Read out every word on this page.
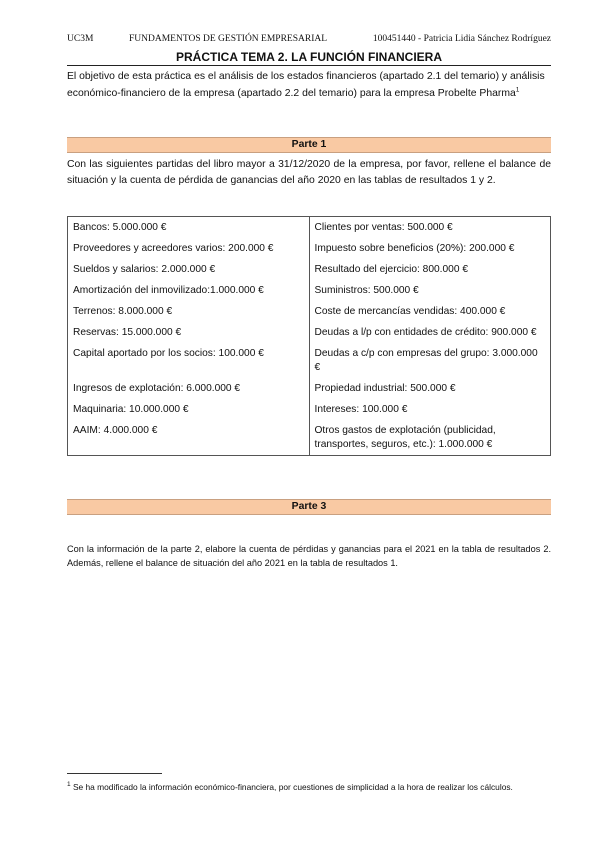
UC3M	FUNDAMENTOS DE GESTIÓN EMPRESARIAL	100451440 - Patricia Lidia Sánchez Rodríguez
PRÁCTICA TEMA 2. LA FUNCIÓN FINANCIERA
El objetivo de esta práctica es el análisis de los estados financieros (apartado 2.1 del temario) y análisis económico-financiero de la empresa (apartado 2.2 del temario) para la empresa Probelte Pharma$^1$
Parte 1
Con las siguientes partidas del libro mayor a 31/12/2020 de la empresa, por favor, rellene el balance de situación y la cuenta de pérdida de ganancias del año 2020 en las tablas de resultados 1 y 2.
Bancos: 5.000.000 €	Clientes por ventas: 500.000 €
Proveedores y acreedores varios: 200.000 €	Impuesto sobre beneficios (20%): 200.000 €
Sueldos y salarios: 2.000.000 €	Resultado del ejercicio: 800.000 €
Amortización del inmovilizado:1.000.000 €	Suministros: 500.000 €
Terrenos: 8.000.000 €	Coste de mercancías vendidas: 400.000 €
Reservas: 15.000.000 €	Deudas a l/p con entidades de crédito: 900.000 €
Capital aportado por los socios: 100.000 €	Deudas a c/p con empresas del grupo: 3.000.000 €
Ingresos de explotación: 6.000.000 €	Propiedad industrial: 500.000 €
Maquinaria: 10.000.000 €	Intereses: 100.000 €
AAIM: 4.000.000 €	Otros gastos de explotación (publicidad, transportes, seguros, etc.): 1.000.000 €
Parte 3
Con la información de la parte 2, elabore la cuenta de pérdidas y ganancias para el 2021 en la tabla de resultados 2. Además, rellene el balance de situación del año 2021 en la tabla de resultados 1.
$^1$ Se ha modificado la información económico-financiera, por cuestiones de simplicidad a la hora de realizar los cálculos.
